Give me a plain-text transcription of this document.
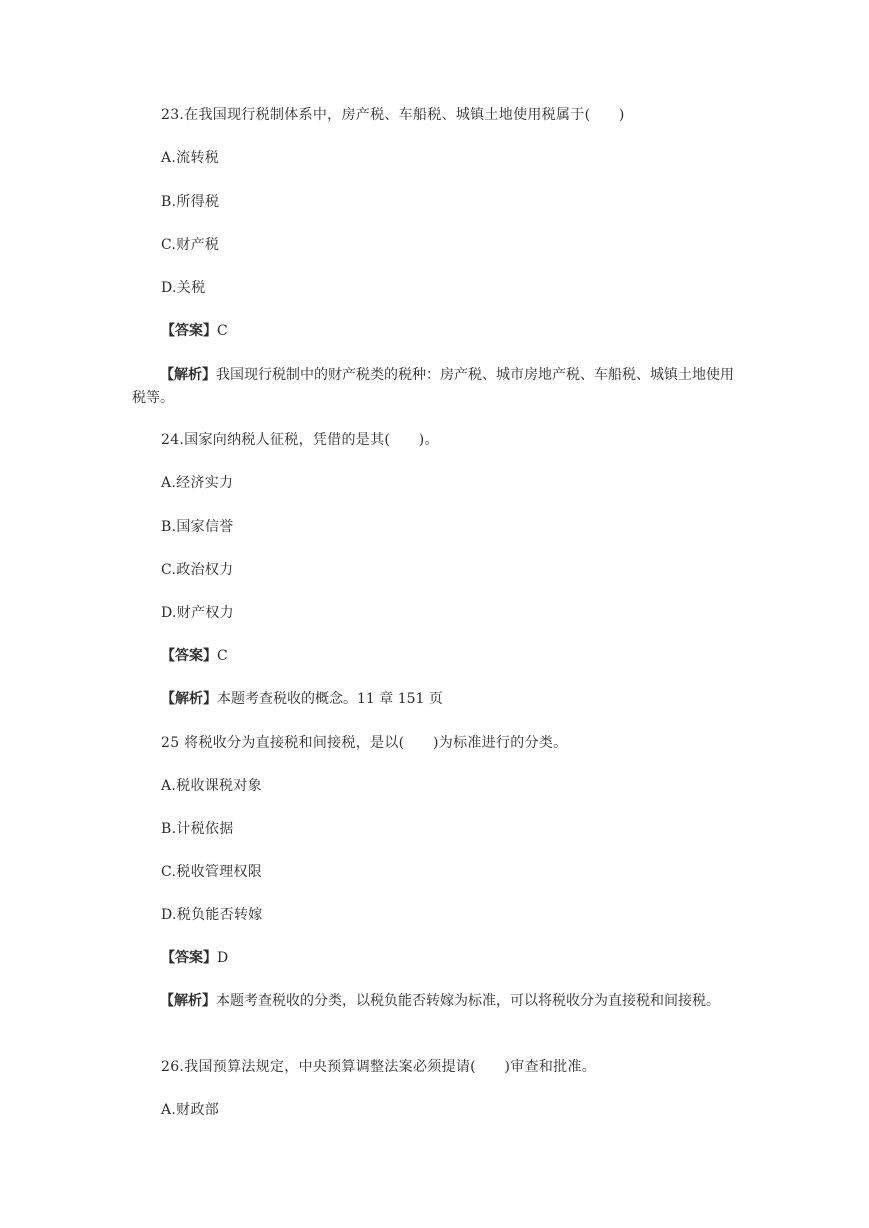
23.在我国现行税制体系中，房产税、车船税、城镇土地使用税属于(　　)
A.流转税
B.所得税
C.财产税
D.关税
【答案】C
【解析】我国现行税制中的财产税类的税种：房产税、城市房地产税、车船税、城镇土地使用税等。
24.国家向纳税人征税，凭借的是其(　　)。
A.经济实力
B.国家信誉
C.政治权力
D.财产权力
【答案】C
【解析】本题考查税收的概念。11 章 151 页
25 将税收分为直接税和间接税，是以(　　)为标准进行的分类。
A.税收课税对象
B.计税依据
C.税收管理权限
D.税负能否转嫁
【答案】D
【解析】本题考查税收的分类，以税负能否转嫁为标准，可以将税收分为直接税和间接税。
26.我国预算法规定，中央预算调整法案必须提请(　　)审查和批准。
A.财政部
